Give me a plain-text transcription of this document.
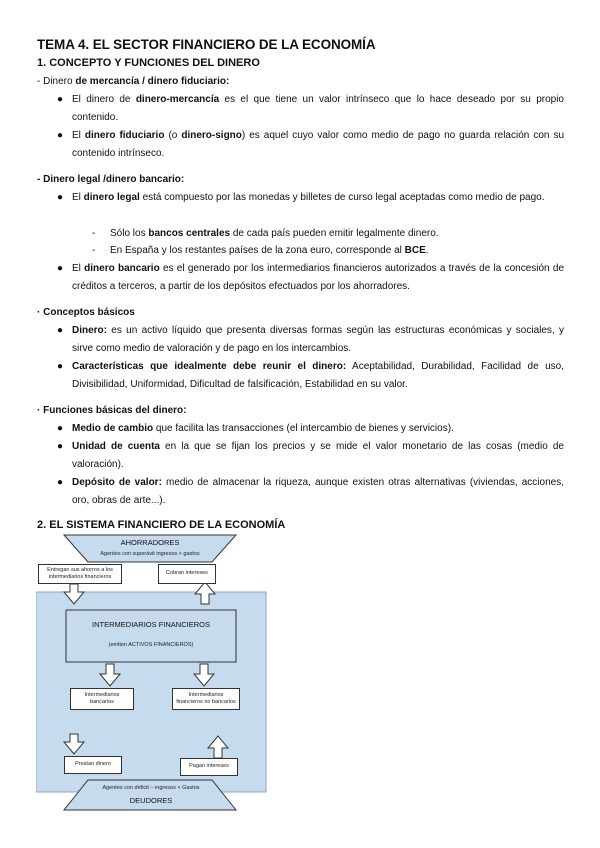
TEMA 4. EL SECTOR FINANCIERO DE LA ECONOMÍA
1. CONCEPTO Y FUNCIONES DEL DINERO
- Dinero de mercancía / dinero fiduciario:
● El dinero de dinero-mercancía es el que tiene un valor intrínseco que lo hace deseado por su propio contenido.
● El dinero fiduciario (o dinero-signo) es aquel cuyo valor como medio de pago no guarda relación con su contenido intrínseco.
- Dinero legal /dinero bancario:
● El dinero legal está compuesto por las monedas y billetes de curso legal aceptadas como medio de pago.
- Sólo los bancos centrales de cada país pueden emitir legalmente dinero.
- En España y los restantes países de la zona euro, corresponde al BCE.
● El dinero bancario es el generado por los intermediarios financieros autorizados a través de la concesión de créditos a terceros, a partir de los depósitos efectuados por los ahorradores.
· Conceptos básicos
● Dinero: es un activo líquido que presenta diversas formas según las estructuras económicas y sociales, y sirve como medio de valoración y de pago en los intercambios.
● Características que idealmente debe reunir el dinero: Aceptabilidad, Durabilidad, Facilidad de uso, Divisibilidad, Uniformidad, Dificultad de falsificación, Estabilidad en su valor.
· Funciones básicas del dinero:
● Medio de cambio que facilita las transacciones (el intercambio de bienes y servicios).
● Unidad de cuenta en la que se fijan los precios y se mide el valor monetario de las cosas (medio de valoración).
● Depósito de valor: medio de almacenar la riqueza, aunque existen otras alternativas (viviendas, acciones, oro, obras de arte...).
2. EL SISTEMA FINANCIERO DE LA ECONOMÍA
AHORRADORES
Agentes con superávit ingresos > gastos
Entregan sus ahorros a los intermediarios financieros
Cobran intereses
INTERMEDIARIOS FINANCIEROS
(emiten ACTIVOS FINANCIEROS)
Intermediarios bancarios
Intermediarios financieros no bancarios
Prestan dinero	Pagan intereses
Agentes con déficit – ingresos < Gastos
DEUDORES
